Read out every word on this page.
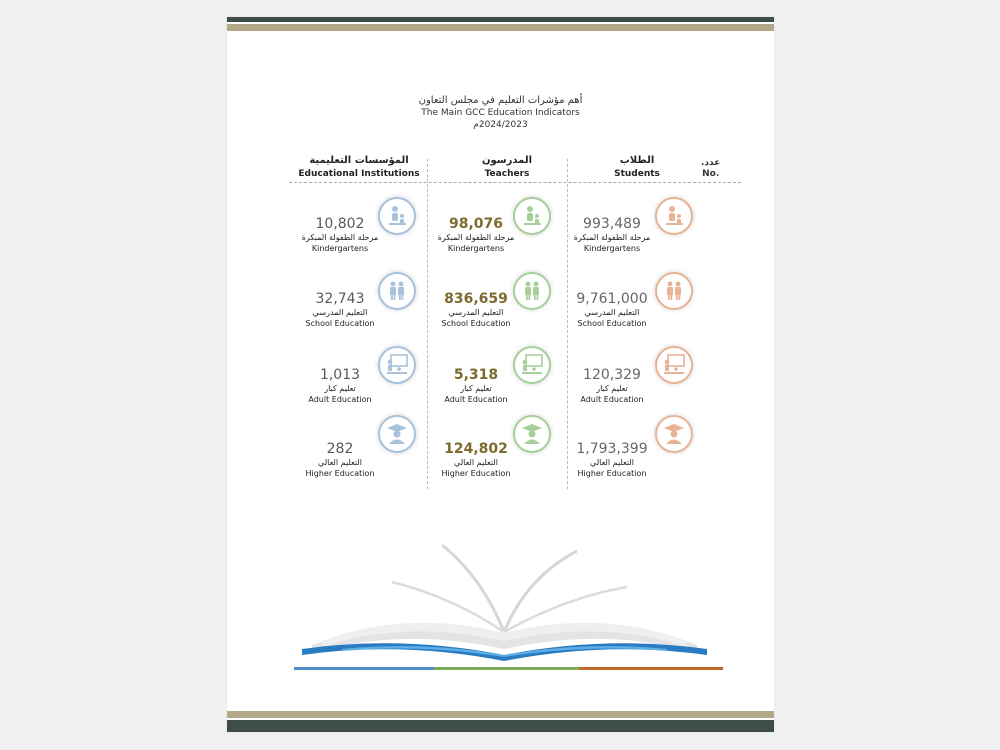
أهم مؤشرات التعليم في مجلس التعاون
The Main GCC Education Indicators
2024/2023م
المؤسسات التعليمية
Educational Institutions
المدرسون
Teachers
الطلاب
Students
عدد.
No.
10,802
مرحلة الطفولة المبكرة
Kindergartens
32,743
التعليم المدرسي
School Education
1,013
تعليم كبار
Adult Education
282
التعليم العالي
Higher Education
98,076
مرحلة الطفولة المبكرة
Kindergartens
836,659
التعليم المدرسي
School Education
5,318
تعليم كبار
Adult Education
124,802
التعليم العالي
Higher Education
993,489
مرحلة الطفولة المبكرة
Kindergartens
9,761,000
التعليم المدرسي
School Education
120,329
تعليم كبار
Adult Education
1,793,399
التعليم العالي
Higher Education
